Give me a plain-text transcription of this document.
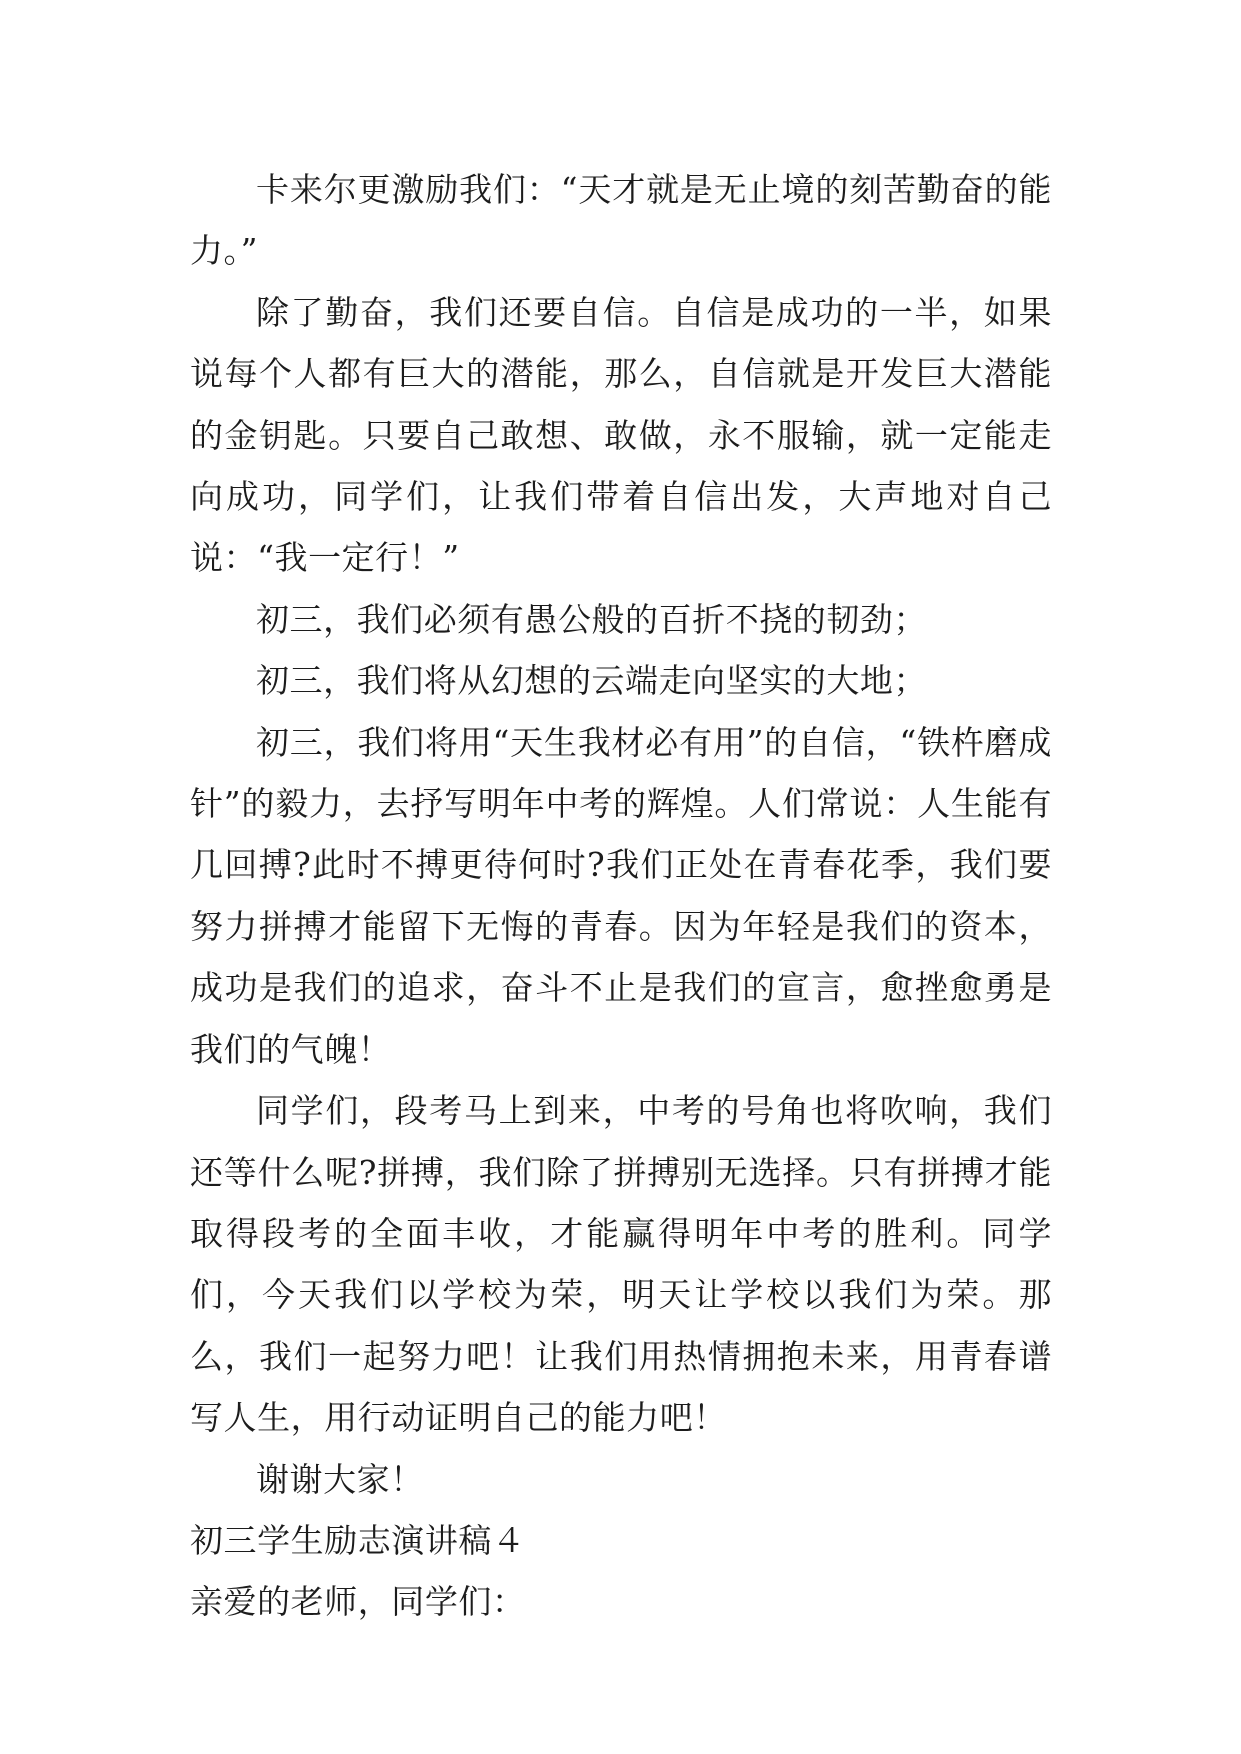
卡来尔更激励我们：“天才就是无止境的刻苦勤奋的能力。”

除了勤奋，我们还要自信。自信是成功的一半，如果说每个人都有巨大的潜能，那么，自信就是开发巨大潜能的金钥匙。只要自己敢想、敢做，永不服输，就一定能走向成功，同学们，让我们带着自信出发，大声地对自己说：“我一定行！”

初三，我们必须有愚公般的百折不挠的韧劲；

初三，我们将从幻想的云端走向坚实的大地；

初三，我们将用“天生我材必有用”的自信，“铁杵磨成针”的毅力，去抒写明年中考的辉煌。人们常说：人生能有几回搏?此时不搏更待何时?我们正处在青春花季，我们要努力拼搏才能留下无悔的青春。因为年轻是我们的资本，成功是我们的追求，奋斗不止是我们的宣言，愈挫愈勇是我们的气魄！

同学们，段考马上到来，中考的号角也将吹响，我们还等什么呢?拼搏，我们除了拼搏别无选择。只有拼搏才能取得段考的全面丰收，才能赢得明年中考的胜利。同学们，今天我们以学校为荣，明天让学校以我们为荣。那么，我们一起努力吧！让我们用热情拥抱未来，用青春谱写人生，用行动证明自己的能力吧！

谢谢大家！

初三学生励志演讲稿４

亲爱的老师，同学们：
